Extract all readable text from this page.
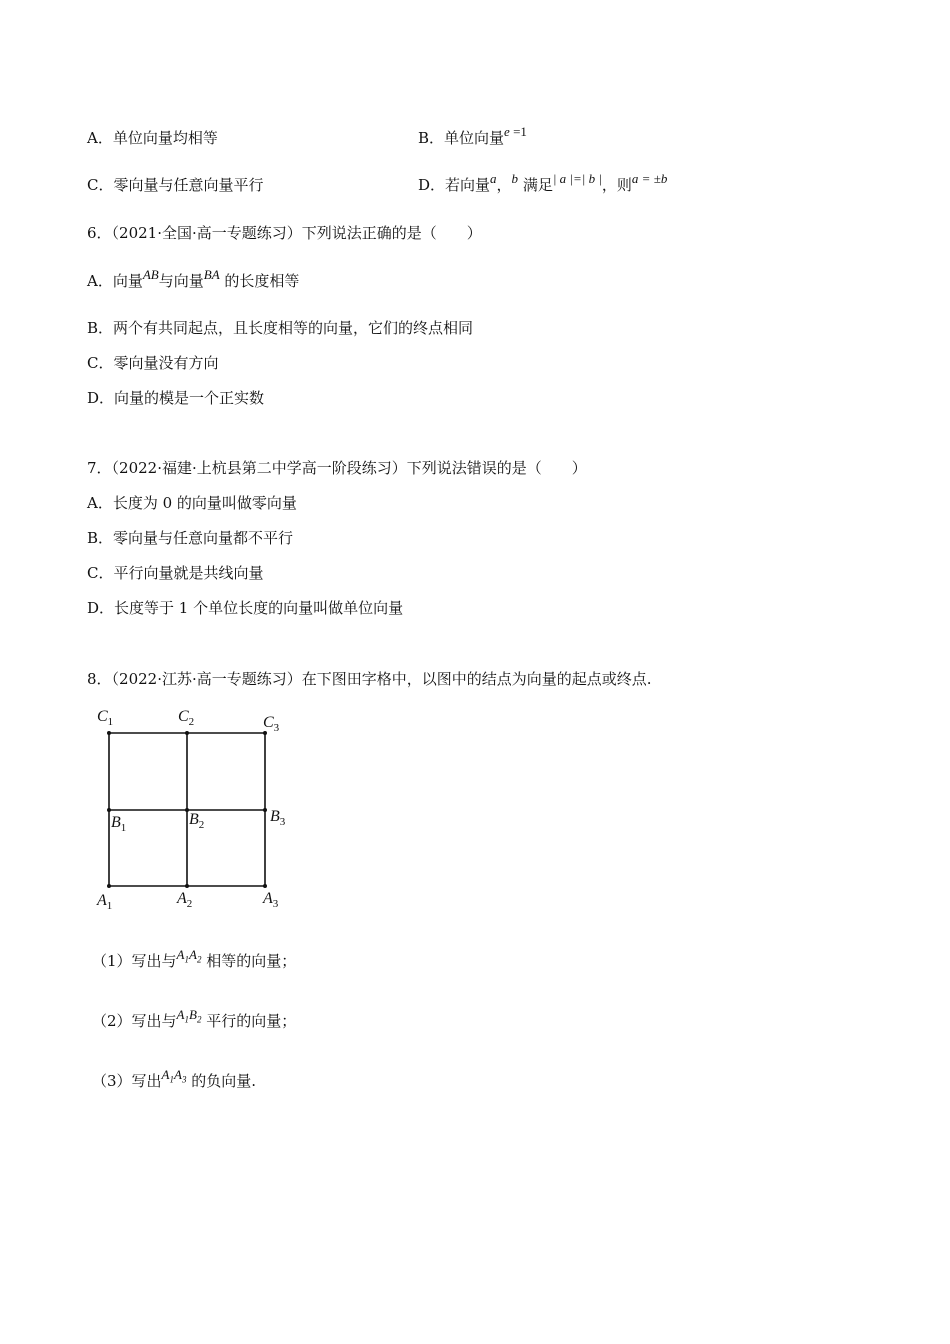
A．单位向量均相等	B．单位向量e =1
C．零向量与任意向量平行	D．若向量a，b 满足| a |=| b |，则a = ±b
6．（2021·全国·高一专题练习）下列说法正确的是（　　）
A．向量AB与向量BA 的长度相等
B．两个有共同起点，且长度相等的向量，它们的终点相同
C．零向量没有方向
D．向量的模是一个正实数
7．（2022·福建·上杭县第二中学高一阶段练习）下列说法错误的是（　　）
A．长度为 0 的向量叫做零向量
B．零向量与任意向量都不平行
C．平行向量就是共线向量
D．长度等于 1 个单位长度的向量叫做单位向量
8．（2022·江苏·高一专题练习）在下图田字格中，以图中的结点为向量的起点或终点.
$C_1$	$C_2$	$C_3$
$B_1$
$B_2$
$B_3$
$A_1$	$A_2$	$A_3$
（1）写出与$A_1A_2$ 相等的向量；
（2）写出与$A_1B_2$ 平行的向量；
（3）写出$A_1A_3$ 的负向量.
